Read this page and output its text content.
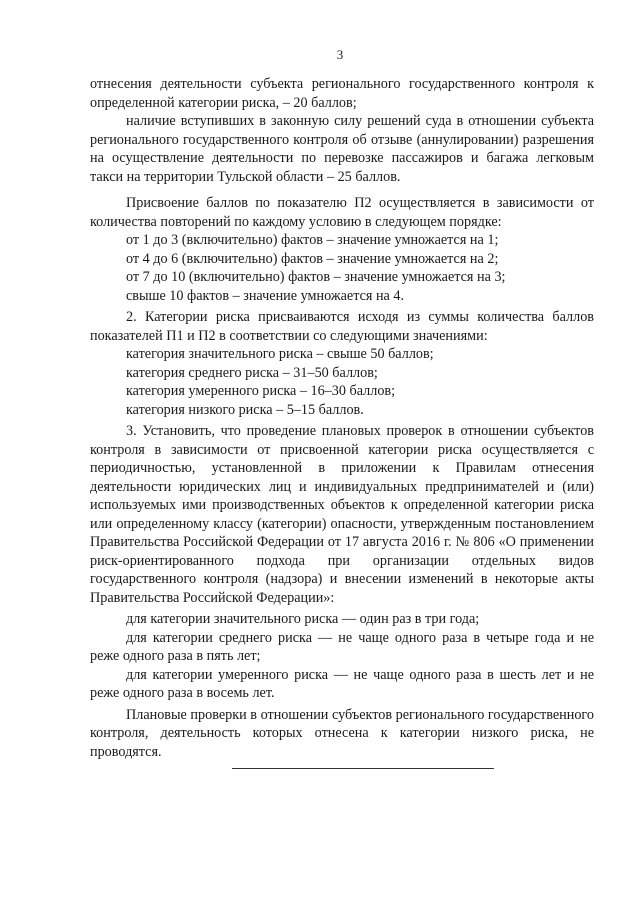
3

отнесения деятельности субъекта регионального государственного контроля к определенной категории риска, – 20 баллов;

наличие вступивших в законную силу решений суда в отношении субъекта регионального государственного контроля об отзыве (аннулировании) разрешения на осуществление деятельности по перевозке пассажиров и багажа легковым такси на территории Тульской области – 25 баллов.

Присвоение баллов по показателю П2 осуществляется в зависимости от количества повторений по каждому условию в следующем порядке:

от 1 до 3 (включительно) фактов – значение умножается на 1;

от 4 до 6 (включительно) фактов – значение умножается на 2;

от 7 до 10 (включительно) фактов – значение умножается на 3;

свыше 10 фактов – значение умножается на 4.

2. Категории риска присваиваются исходя из суммы количества баллов показателей П1 и П2 в соответствии со следующими значениями:

категория значительного риска – свыше 50 баллов;

категория среднего риска – 31–50 баллов;

категория умеренного риска – 16–30 баллов;

категория низкого риска – 5–15 баллов.

3. Установить, что проведение плановых проверок в отношении субъектов контроля в зависимости от присвоенной категории риска осуществляется с периодичностью, установленной в приложении к Правилам отнесения деятельности юридических лиц и индивидуальных предпринимателей и (или) используемых ими производственных объектов к определенной категории риска или определенному классу (категории) опасности, утвержденным постановлением Правительства Российской Федерации от 17 августа 2016 г. № 806 «О применении риск-ориентированного подхода при организации отдельных видов государственного контроля (надзора) и внесении изменений в некоторые акты Правительства Российской Федерации»:

для категории значительного риска — один раз в три года;

для категории среднего риска — не чаще одного раза в четыре года и не реже одного раза в пять лет;

для категории умеренного риска — не чаще одного раза в шесть лет и не реже одного раза в восемь лет.

Плановые проверки в отношении субъектов регионального государственного контроля, деятельность которых отнесена к категории низкого риска, не проводятся.
